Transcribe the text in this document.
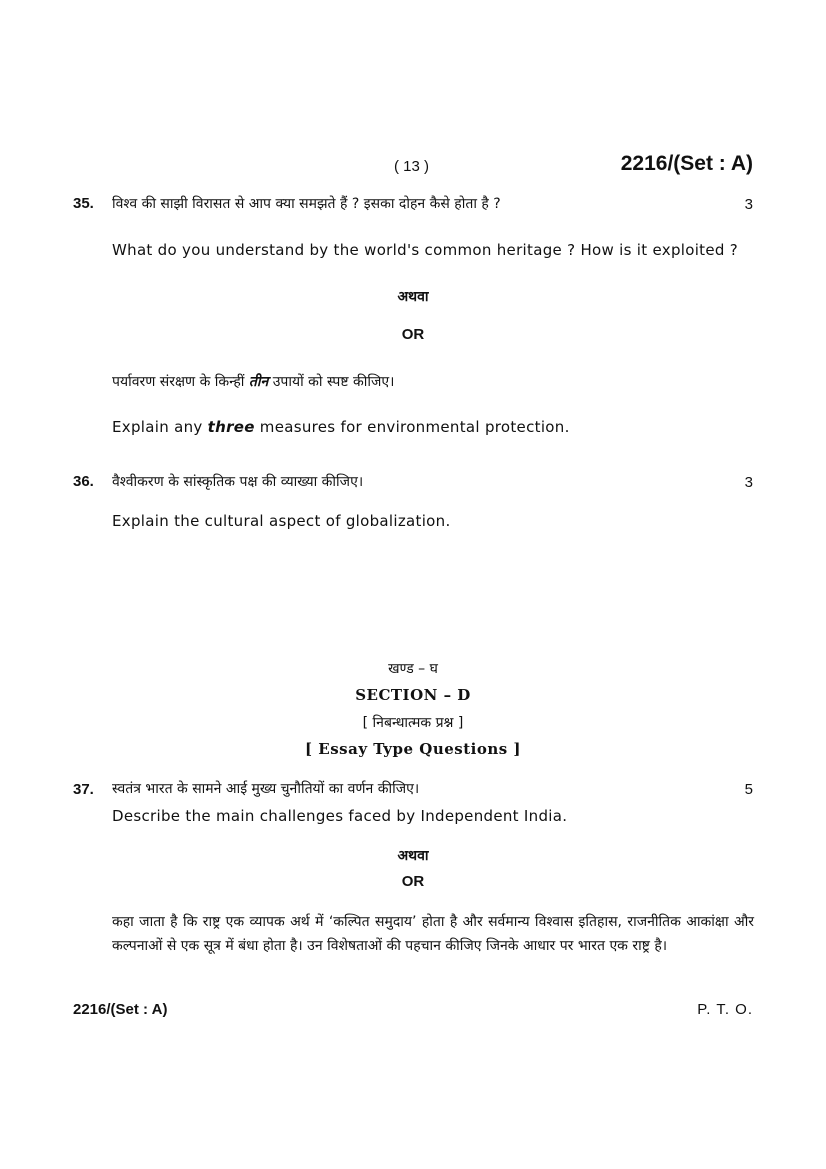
( 13 )	2216/(Set : A)
35. विश्व की साझी विरासत से आप क्या समझते हैं ? इसका दोहन कैसे होता है ?	3
What do you understand by the world's common heritage ? How is it exploited ?
अथवा
OR
पर्यावरण संरक्षण के किन्हीं तीन उपायों को स्पष्ट कीजिए।
Explain any three measures for environmental protection.
36. वैश्वीकरण के सांस्कृतिक पक्ष की व्याख्या कीजिए।	3
Explain the cultural aspect of globalization.
खण्ड – घ
SECTION – D
[ निबन्धात्मक प्रश्न ]
[ Essay Type Questions ]
37. स्वतंत्र भारत के सामने आई मुख्य चुनौतियों का वर्णन कीजिए।	5
Describe the main challenges faced by Independent India.
अथवा
OR
कहा जाता है कि राष्ट्र एक व्यापक अर्थ में ‘कल्पित समुदाय’ होता है और सर्वमान्य विश्वास इतिहास, राजनीतिक आकांक्षा और कल्पनाओं से एक सूत्र में बंधा होता है। उन विशेषताओं की पहचान कीजिए जिनके आधार पर भारत एक राष्ट्र है।
2216/(Set : A)	P. T. O.
